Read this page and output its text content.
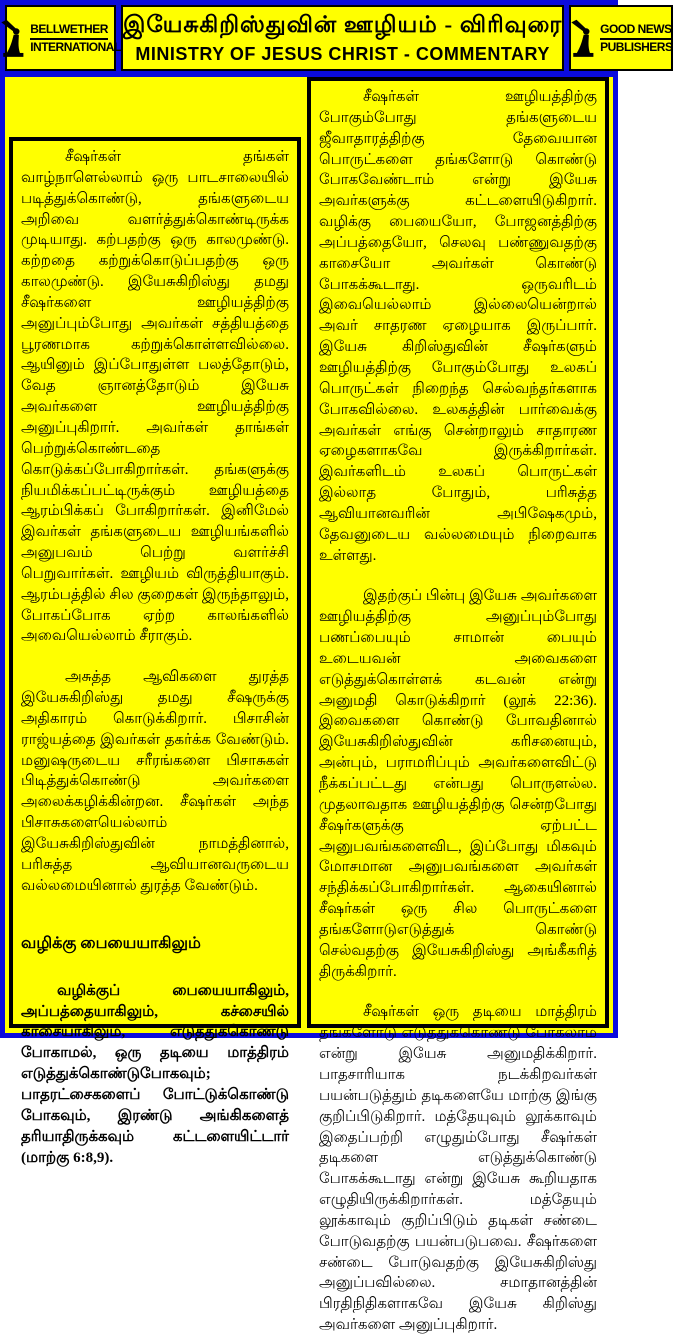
BELLWETHER
INTERNATIONAL
இயேசுகிறிஸ்துவின் ஊழியம் - விரிவுரை
MINISTRY OF JESUS CHRIST - COMMENTARY
GOOD NEWS
PUBLISHERS

சீஷர்கள் தங்கள் வாழ்நாளெல்லாம் ஒரு பாடசாலையில் படித்துக்கொண்டு, தங்களுடைய அறிவை வளர்த்துக்கொண்டிருக்க முடியாது. கற்பதற்கு ஒரு காலமுண்டு. கற்றதை கற்றுக்கொடுப்பதற்கு ஒரு காலமுண்டு. இயேசுகிறிஸ்து தமது சீஷர்களை ஊழியத்திற்கு அனுப்பும்போது அவர்கள் சத்தியத்தை பூரணமாக கற்றுக்கொள்ளவில்லை. ஆயினும் இப்போதுள்ள பலத்தோடும், வேத ஞானத்தோடும் இயேசு அவர்களை ஊழியத்திற்கு அனுப்புகிறார். அவர்கள் தாங்கள் பெற்றுக்கொண்டதை கொடுக்கப்போகிறார்கள். தங்களுக்கு நியமிக்கப்பட்டிருக்கும் ஊழியத்தை ஆரம்பிக்கப் போகிறார்கள். இனிமேல் இவர்கள் தங்களுடைய ஊழியங்களில் அனுபவம் பெற்று வளர்ச்சி பெறுவார்கள். ஊழியம் விருத்தியாகும். ஆரம்பத்தில் சில குறைகள் இருந்தாலும், போகப்போக ஏற்ற காலங்களில் அவையெல்லாம் சீராகும்.

அசுத்த ஆவிகளை துரத்த இயேசுகிறிஸ்து தமது சீஷருக்கு அதிகாரம் கொடுக்கிறார். பிசாசின் ராஜ்யத்தை இவர்கள் தகர்க்க வேண்டும். மனுஷருடைய சரீரங்களை பிசாசுகள் பிடித்துக்கொண்டு அவர்களை அலைக்கழிக்கின்றன. சீஷர்கள் அந்த பிசாசுகளையெல்லாம் இயேசுகிறிஸ்துவின் நாமத்தினால், பரிசுத்த ஆவியானவருடைய வல்லமையினால் துரத்த வேண்டும்.

வழிக்கு பையையாகிலும்

வழிக்குப் பையையாகிலும், அப்பத்தையாகிலும், கச்சையில் காசையாகிலும், எடுத்துக்கொண்டு போகாமல், ஒரு தடியை மாத்திரம் எடுத்துக்கொண்டுபோகவும்; பாதரட்சைகளைப் போட்டுக்கொண்டு போகவும், இரண்டு அங்கிகளைத் தரியாதிருக்கவும் கட்டளையிட்டார் (மாற்கு 6:8,9).

சீஷர்கள் ஊழியத்திற்கு போகும்போது தங்களுடைய ஜீவாதாரத்திற்கு தேவையான பொருட்களை தங்களோடு கொண்டு போகவேண்டாம் என்று இயேசு அவர்களுக்கு கட்டளையிடுகிறார். வழிக்கு பையையோ, போஜனத்திற்கு அப்பத்தையோ, செலவு பண்ணுவதற்கு காசையோ அவர்கள் கொண்டு போகக்கூடாது. ஒருவரிடம் இவையெல்லாம் இல்லையென்றால் அவர் சாதரண ஏழையாக இருப்பார். இயேசு கிறிஸ்துவின் சீஷர்களும் ஊழியத்திற்கு போகும்போது உலகப் பொருட்கள் நிறைந்த செல்வந்தர்களாக போகவில்லை. உலகத்தின் பார்வைக்கு அவர்கள் எங்கு சென்றாலும் சாதாரண ஏழைகளாகவே இருக்கிறார்கள். இவர்களிடம் உலகப் பொருட்கள் இல்லாத போதும், பரிசுத்த ஆவியானவரின் அபிஷேகமும், தேவனுடைய வல்லமையும் நிறைவாக உள்ளது.

இதற்குப் பின்பு இயேசு அவர்களை ஊழியத்திற்கு அனுப்பும்போது பணப்பையும் சாமான் பையும் உடையவன் அவைகளை எடுத்துக்கொள்ளக் கடவன் என்று அனுமதி கொடுக்கிறார் (லூக் 22:36). இவைகளை கொண்டு போவதினால் இயேசுகிறிஸ்துவின் கரிசனையும், அன்பும், பராமரிப்பும் அவர்களைவிட்டு நீக்கப்பட்டது என்பது பொருளல்ல. முதலாவதாக ஊழியத்திற்கு சென்றபோது சீஷர்களுக்கு ஏற்பட்ட அனுபவங்களைவிட, இப்போது மிகவும் மோசமான அனுபவங்களை அவர்கள் சந்திக்கப்போகிறார்கள். ஆகையினால் சீஷர்கள் ஒரு சில பொருட்களை தங்களோடுஎடுத்துக் கொண்டு செல்வதற்கு இயேசுகிறிஸ்து அங்கீகரித் திருக்கிறார்.

சீஷர்கள் ஒரு தடியை மாத்திரம் தங்களோடு எடுத்துக்கொண்டு போகலாம் என்று இயேசு அனுமதிக்கிறார். பாதசாரியாக நடக்கிறவர்கள் பயன்படுத்தும் தடிகளையே மாற்கு இங்கு குறிப்பிடுகிறார். மத்தேயுவும் லூக்காவும் இதைப்பற்றி எழுதும்போது சீஷர்கள் தடிகளை எடுத்துக்கொண்டு போகக்கூடாது என்று இயேசு கூறியதாக எழுதியிருக்கிறார்கள். மத்தேயும் லூக்காவும் குறிப்பிடும் தடிகள் சண்டை போடுவதற்கு பயன்படுபவை. சீஷர்களை சண்டை போடுவதற்கு இயேசுகிறிஸ்து அனுப்பவில்லை. சமாதானத்தின் பிரதிநிதிகளாகவே இயேசு கிறிஸ்து அவர்களை அனுப்புகிறார்.
